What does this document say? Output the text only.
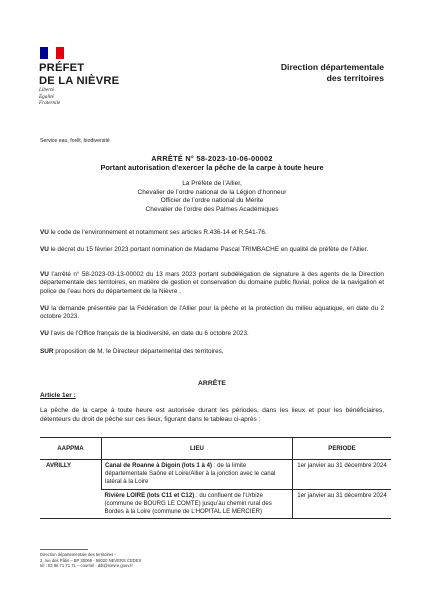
PRÉFET
DE LA NIÈVRE
Liberté
Égalité
Fraternité
Direction départementale
des territoires
Service eau, forêt, biodiversité
ARRÊTÉ N° 58-2023-10-06-00002
Portant autorisation d’exercer la pêche de la carpe à toute heure
La Préfète de l’Allier,
Chevalier de l’ordre national de la Légion d’honneur
Officier de l’ordre national du Mérite
Chevalier de l’ordre des Palmes Académiques
VU le code de l’environnement et notamment ses articles R.436-14 et R.541-76.
VU le décret du 15 février 2023 portant nomination de Madame Pascal TRIMBACHE en qualité de préfète de l’Allier.
VU l’arrêté n° 58-2023-03-13-00002 du 13 mars 2023 portant subdélégation de signature à des agents de la Direction départementale des territoires, en matière de gestion et conservation du domaine public fluvial, police de la navigation et police de l’eau hors du département de la Nièvre .
VU la demande présentée par la Fédération de l’Allier pour la pêche et la protection du milieu aquatique, en date du 2 octobre 2023.
VU l’avis de l’Office français de la biodiversité, en date du 6 octobre 2023.
SUR proposition de M. le Directeur départemental des territoires,
ARRÊTE
Article 1er :
La pêche de la carpe à toute heure est autorisée durant les périodes, dans les lieux et pour les bénéficiaires, détenteurs du droit de pêche sur ces lieux, figurant dans le tableau ci-après :
AAPPMA	LIEU	PERIODE
AVRILLY	Canal de Roanne à Digoin (lots 1 à 4) : de la limite départementale Saône et Loire/Allier à la jonction avec le canal latéral à la Loire	1er janvier au 31 décembre 2024
	Rivière LOIRE (lots C11 et C12) : du confluent de l’Urbize (commune de BOURG LE COMTE) jusqu’au chemin rural des Bordes à la Loire (commune de L’HOPITAL LE MERCIER)	1er janvier au 31 décembre 2024
Direction départementale des territoires -
2, rue des Pâtis – BP 30069 - 58020 NEVERS CEDEX
tél : 03 86 71 71 71 – courriel : ddt@nievre.gouv.fr
